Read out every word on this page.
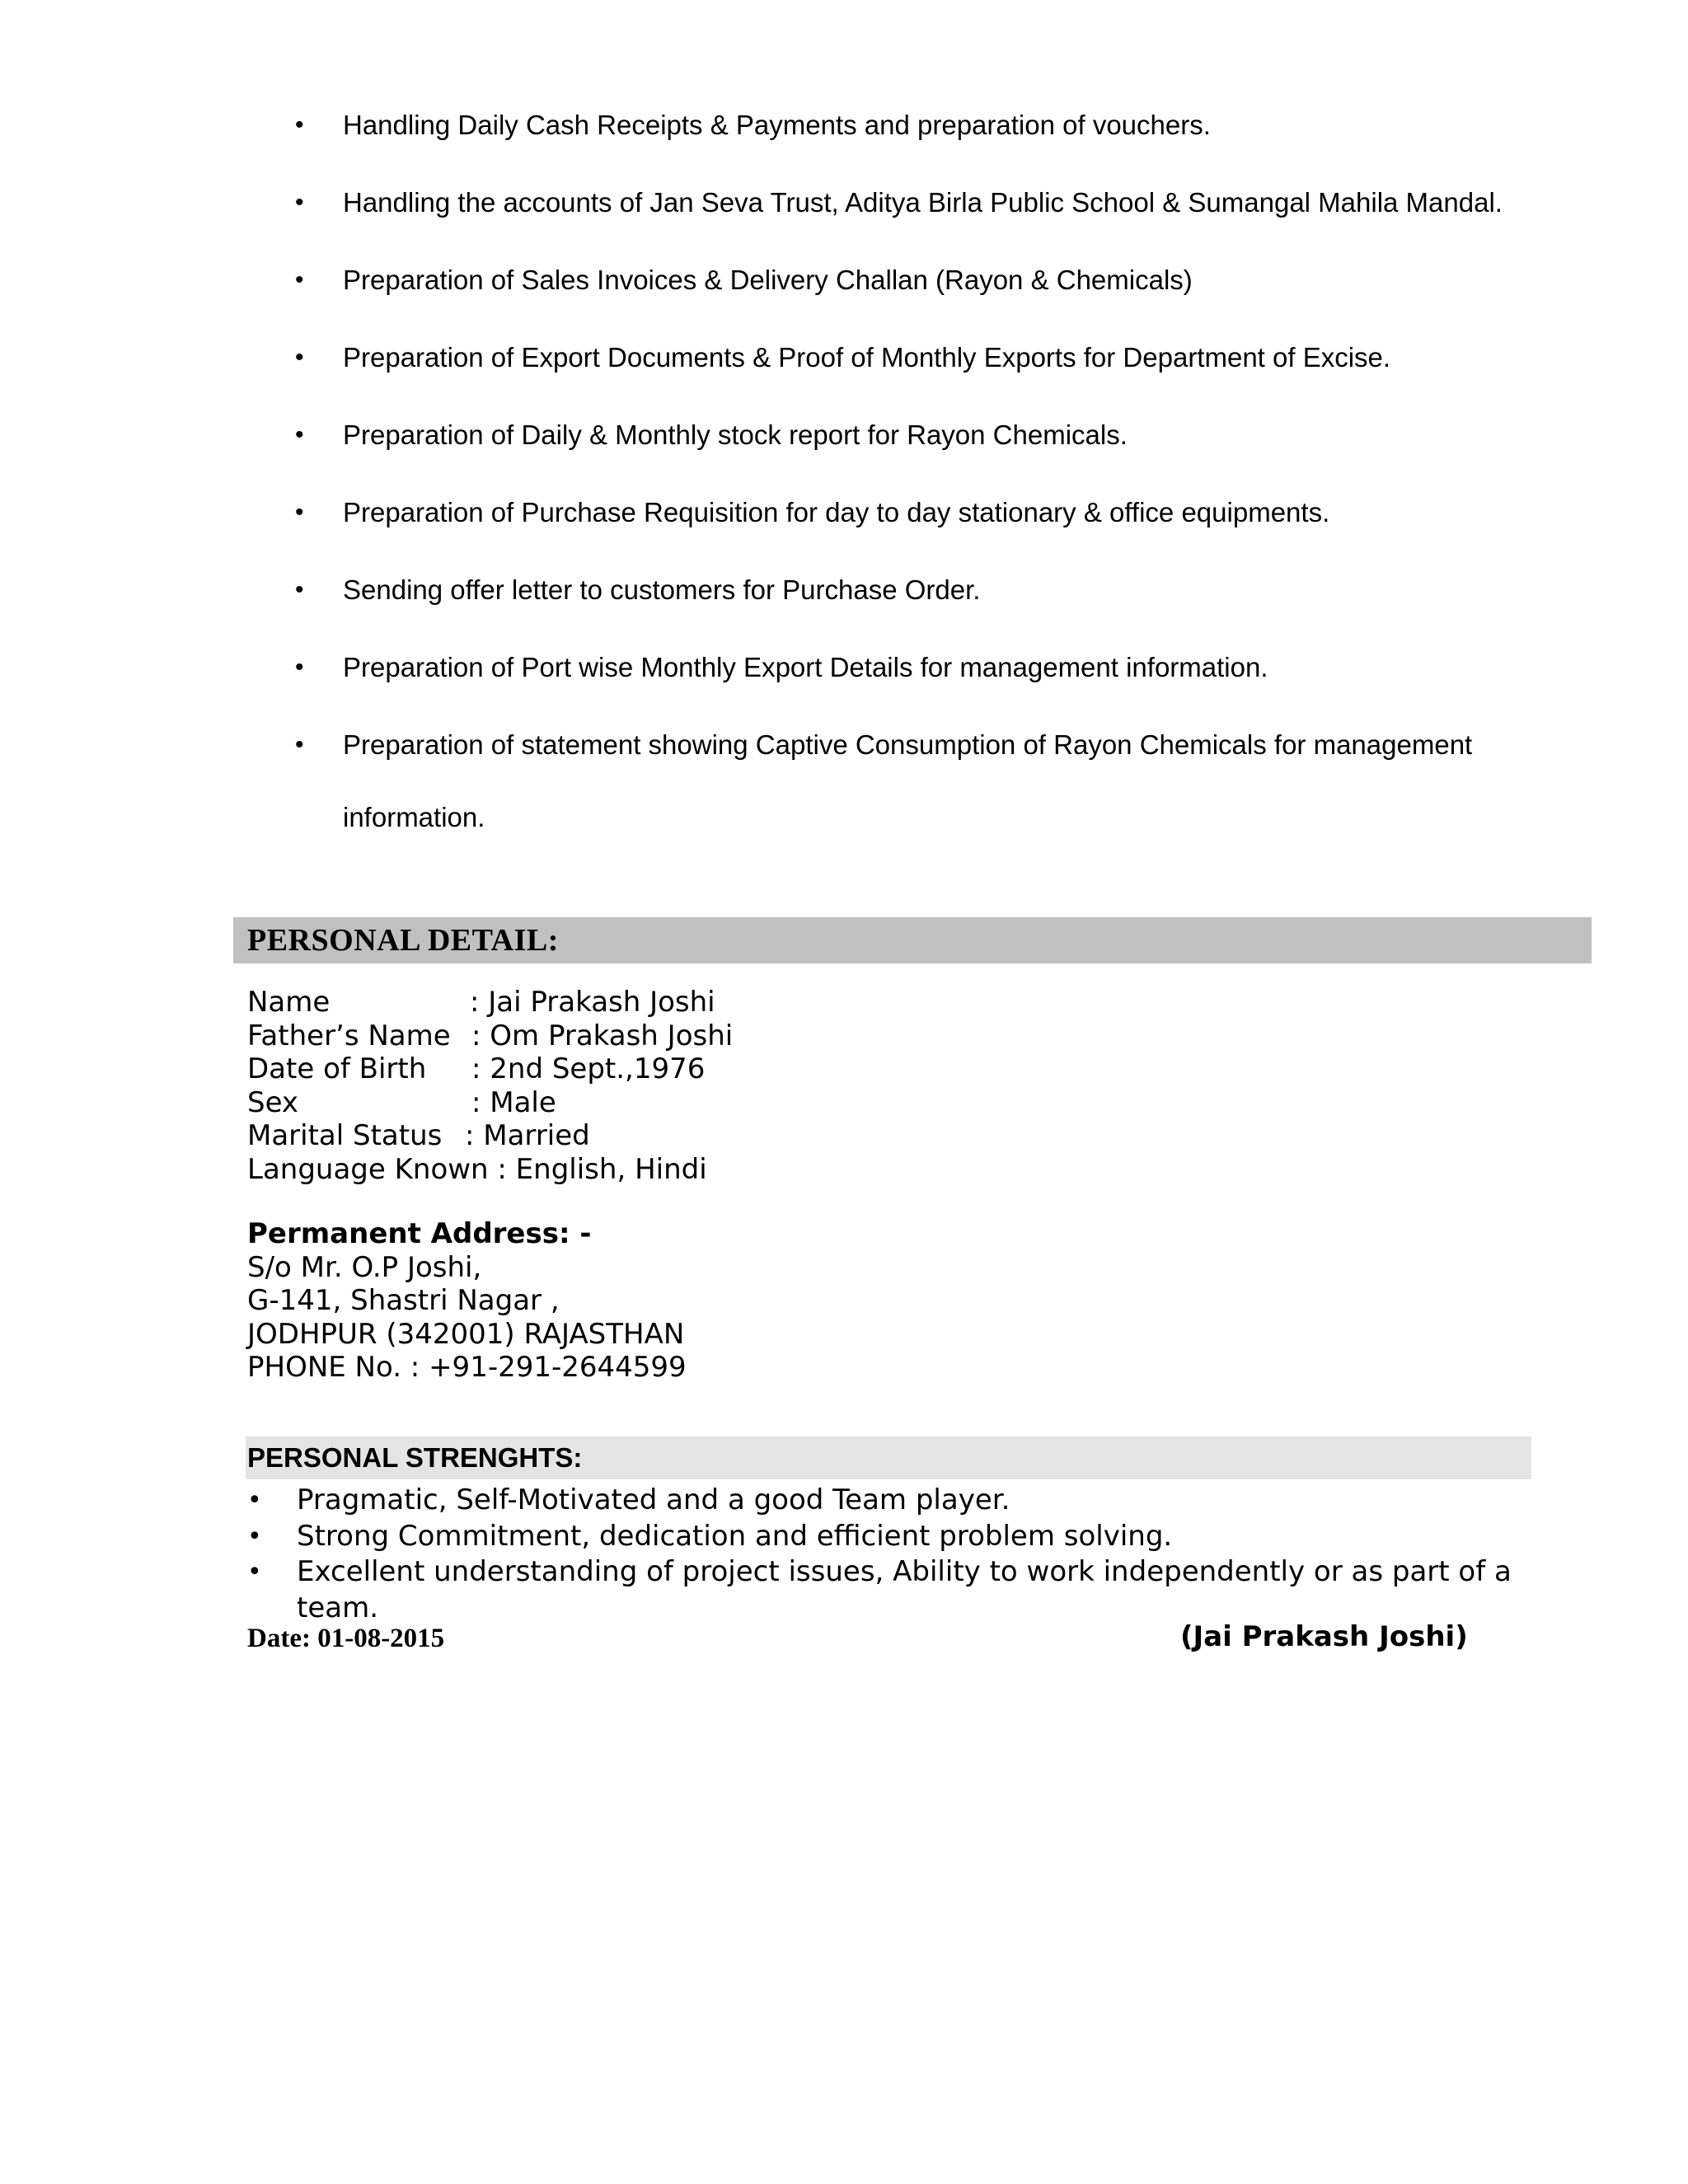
• Handling Daily Cash Receipts & Payments and preparation of vouchers.
• Handling the accounts of Jan Seva Trust, Aditya Birla Public School & Sumangal Mahila Mandal.
• Preparation of Sales Invoices & Delivery Challan (Rayon & Chemicals)
• Preparation of Export Documents & Proof of Monthly Exports for Department of Excise.
• Preparation of Daily & Monthly stock report for Rayon Chemicals.
• Preparation of Purchase Requisition for day to day stationary & office equipments.
• Sending offer letter to customers for Purchase Order.
• Preparation of Port wise Monthly Export Details for management information.
• Preparation of statement showing Captive Consumption of Rayon Chemicals for management
information.
PERSONAL DETAIL:
Name	: Jai Prakash Joshi
Father’s Name : Om Prakash Joshi
Date of Birth : 2nd Sept.,1976
Sex	: Male
Marital Status : Married
Language Known : English, Hindi
Permanent Address: -
S/o Mr. O.P Joshi,
G-141, Shastri Nagar ,
JODHPUR (342001) RAJASTHAN
PHONE No. : +91-291-2644599
PERSONAL STRENGHTS:
• Pragmatic, Self-Motivated and a good Team player.
• Strong Commitment, dedication and efficient problem solving.
• Excellent understanding of project issues, Ability to work independently or as part of a team.
Date: 01-08-2015	(Jai Prakash Joshi)
